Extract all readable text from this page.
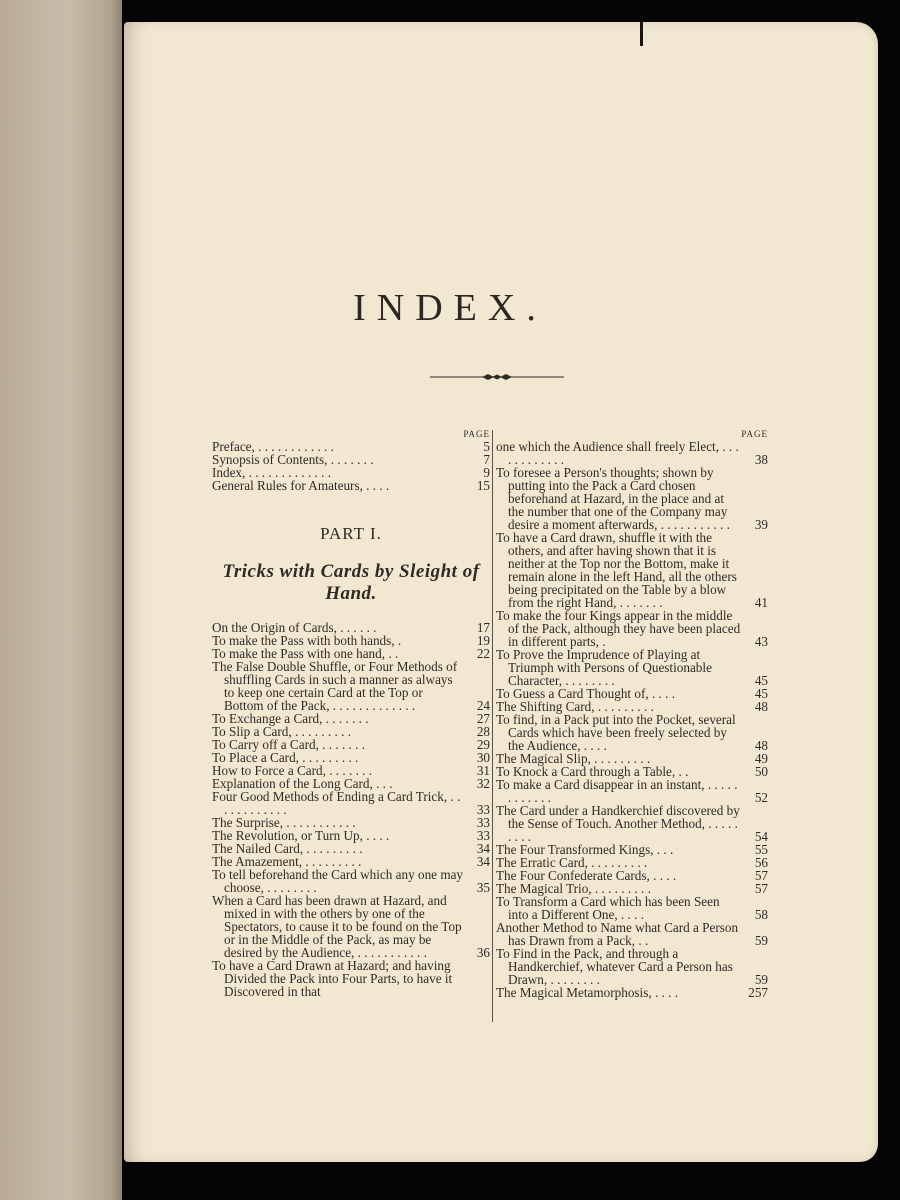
INDEX.
PAGE
Preface, . . . . . . . . . . . .	5
Synopsis of Contents, . . . . . . .	7
Index, . . . . . . . . . . . . .	9
General Rules for Amateurs, . . . .	15
PART I.
Tricks with Cards by Sleight of Hand.
On the Origin of Cards, . . . . . .	17
To make the Pass with both hands, .	19
To make the Pass with one hand, . .	22
The False Double Shuffle, or Four Methods of shuffling Cards in such a manner as always to keep one certain Card at the Top or Bottom of the Pack, . . . . . . . . . . . . .	24
To Exchange a Card, . . . . . . .	27
To Slip a Card, . . . . . . . . .	28
To Carry off a Card, . . . . . . .	29
To Place a Card, . . . . . . . . .	30
How to Force a Card, . . . . . . .	31
Explanation of the Long Card, . . .	32
Four Good Methods of Ending a Card Trick, . . . . . . . . . . . .	33
The Surprise, . . . . . . . . . . .	33
The Revolution, or Turn Up, . . . .	33
The Nailed Card, . . . . . . . . .	34
The Amazement, . . . . . . . . .	34
To tell beforehand the Card which any one may choose, . . . . . . . .	35
When a Card has been drawn at Hazard, and mixed in with the others by one of the Spectators, to cause it to be found on the Top or in the Middle of the Pack, as may be desired by the Audience, . . . . . . . . . . .	36
To have a Card Drawn at Hazard; and having Divided the Pack into Four Parts, to have it Discovered in that
PAGE
one which the Audience shall freely Elect, . . . . . . . . . . . .	38
To foresee a Person's thoughts; shown by putting into the Pack a Card chosen beforehand at Hazard, in the place and at the number that one of the Company may desire a moment afterwards, . . . . . . . . . . .	39
To have a Card drawn, shuffle it with the others, and after having shown that it is neither at the Top nor the Bottom, make it remain alone in the left Hand, all the others being precipitated on the Table by a blow from the right Hand, . . . . . . .	41
To make the four Kings appear in the middle of the Pack, although they have been placed in different parts, .	43
To Prove the Imprudence of Playing at Triumph with Persons of Questionable Character, . . . . . . . .	45
To Guess a Card Thought of, . . . .	45
The Shifting Card, . . . . . . . . .	48
To find, in a Pack put into the Pocket, several Cards which have been freely selected by the Audience, . . . .	48
The Magical Slip, . . . . . . . . .	49
To Knock a Card through a Table, . .	50
To make a Card disappear in an instant, . . . . . . . . . . . .	52
The Card under a Handkerchief discovered by the Sense of Touch. Another Method, . . . . . . . . .	54
The Four Transformed Kings, . . .	55
The Erratic Card, . . . . . . . . .	56
The Four Confederate Cards, . . . .	57
The Magical Trio, . . . . . . . . .	57
To Transform a Card which has been Seen into a Different One, . . . .	58
Another Method to Name what Card a Person has Drawn from a Pack, . .	59
To Find in the Pack, and through a Handkerchief, whatever Card a Person has Drawn, . . . . . . . .	59
The Magical Metamorphosis, . . . .	257
